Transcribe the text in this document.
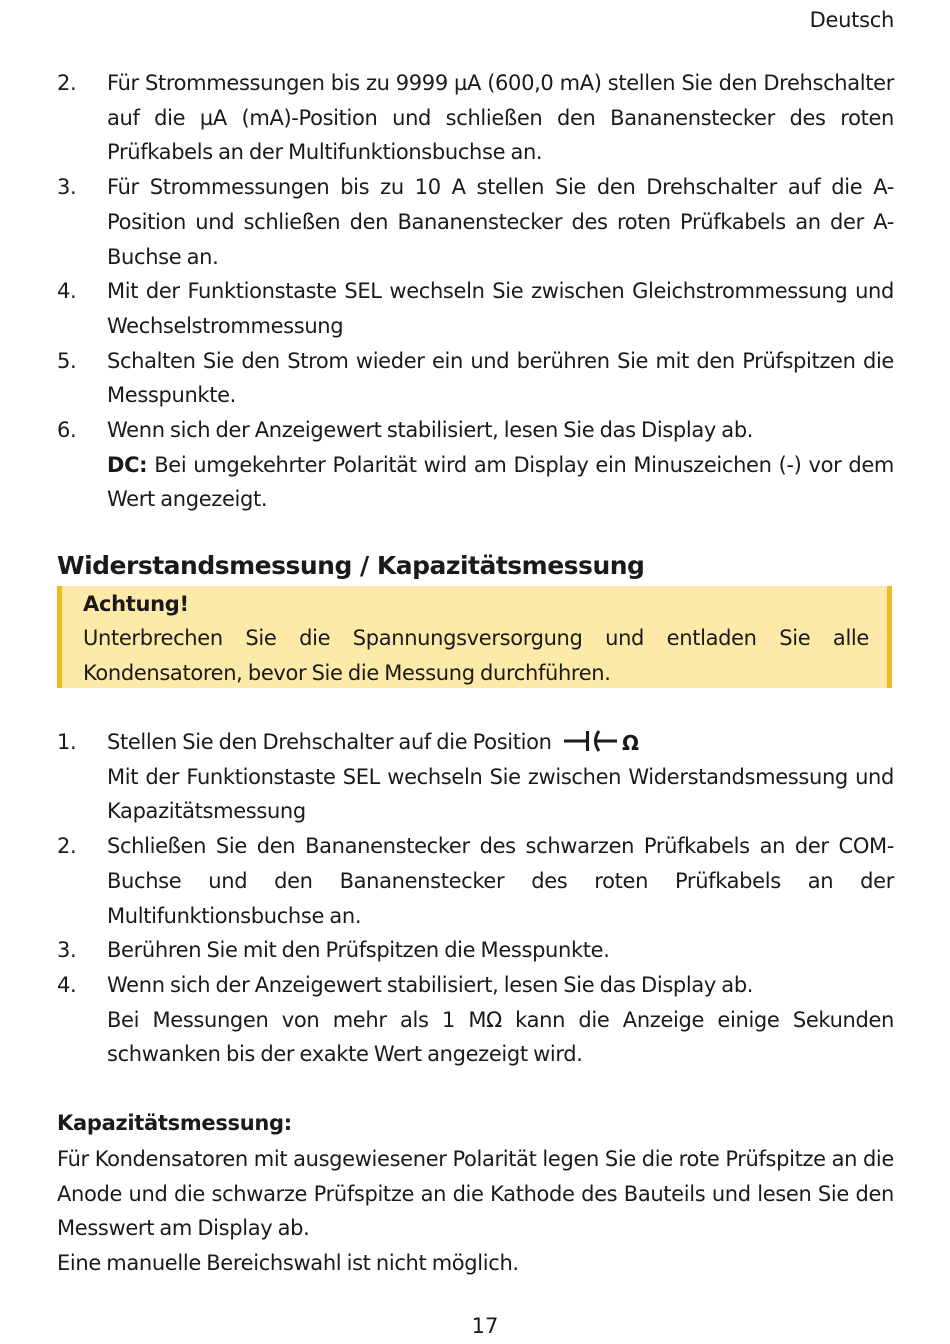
Deutsch
2.	Für Strommessungen bis zu 9999 µA (600,0 mA) stellen Sie den Drehschalter auf die µA (mA)-Position und schließen den Bananenstecker des roten Prüfkabels an der Multifunktionsbuchse an.
3.	Für Strommessungen bis zu 10 A stellen Sie den Drehschalter auf die A-Position und schließen den Bananenstecker des roten Prüfkabels an der A-Buchse an.
4.	Mit der Funktionstaste SEL wechseln Sie zwischen Gleichstrommessung und Wechselstrommessung
5.	Schalten Sie den Strom wieder ein und berühren Sie mit den Prüfspitzen die Messpunkte.
6.	Wenn sich der Anzeigewert stabilisiert, lesen Sie das Display ab.

DC: Bei umgekehrter Polarität wird am Display ein Minuszeichen (-) vor dem Wert angezeigt.

Widerstandsmessung / Kapazitätsmessung

Achtung!

Unterbrechen Sie die Spannungsversorgung und entladen Sie alle Kondensatoren, bevor Sie die Messung durchführen.

1.	Stellen Sie den Drehschalter auf die Position	Ω

Mit der Funktionstaste SEL wechseln Sie zwischen Widerstandsmessung und Kapazitätsmessung

2.	Schließen Sie den Bananenstecker des schwarzen Prüfkabels an der COM-Buchse und den Bananenstecker des roten Prüfkabels an der Multifunktionsbuchse an.
3.	Berühren Sie mit den Prüfspitzen die Messpunkte.
4.	Wenn sich der Anzeigewert stabilisiert, lesen Sie das Display ab.

Bei Messungen von mehr als 1 MΩ kann die Anzeige einige Sekunden schwanken bis der exakte Wert angezeigt wird.

Kapazitätsmessung:

Für Kondensatoren mit ausgewiesener Polarität legen Sie die rote Prüfspitze an die Anode und die schwarze Prüfspitze an die Kathode des Bauteils und lesen Sie den Messwert am Display ab.

Eine manuelle Bereichswahl ist nicht möglich.

17
